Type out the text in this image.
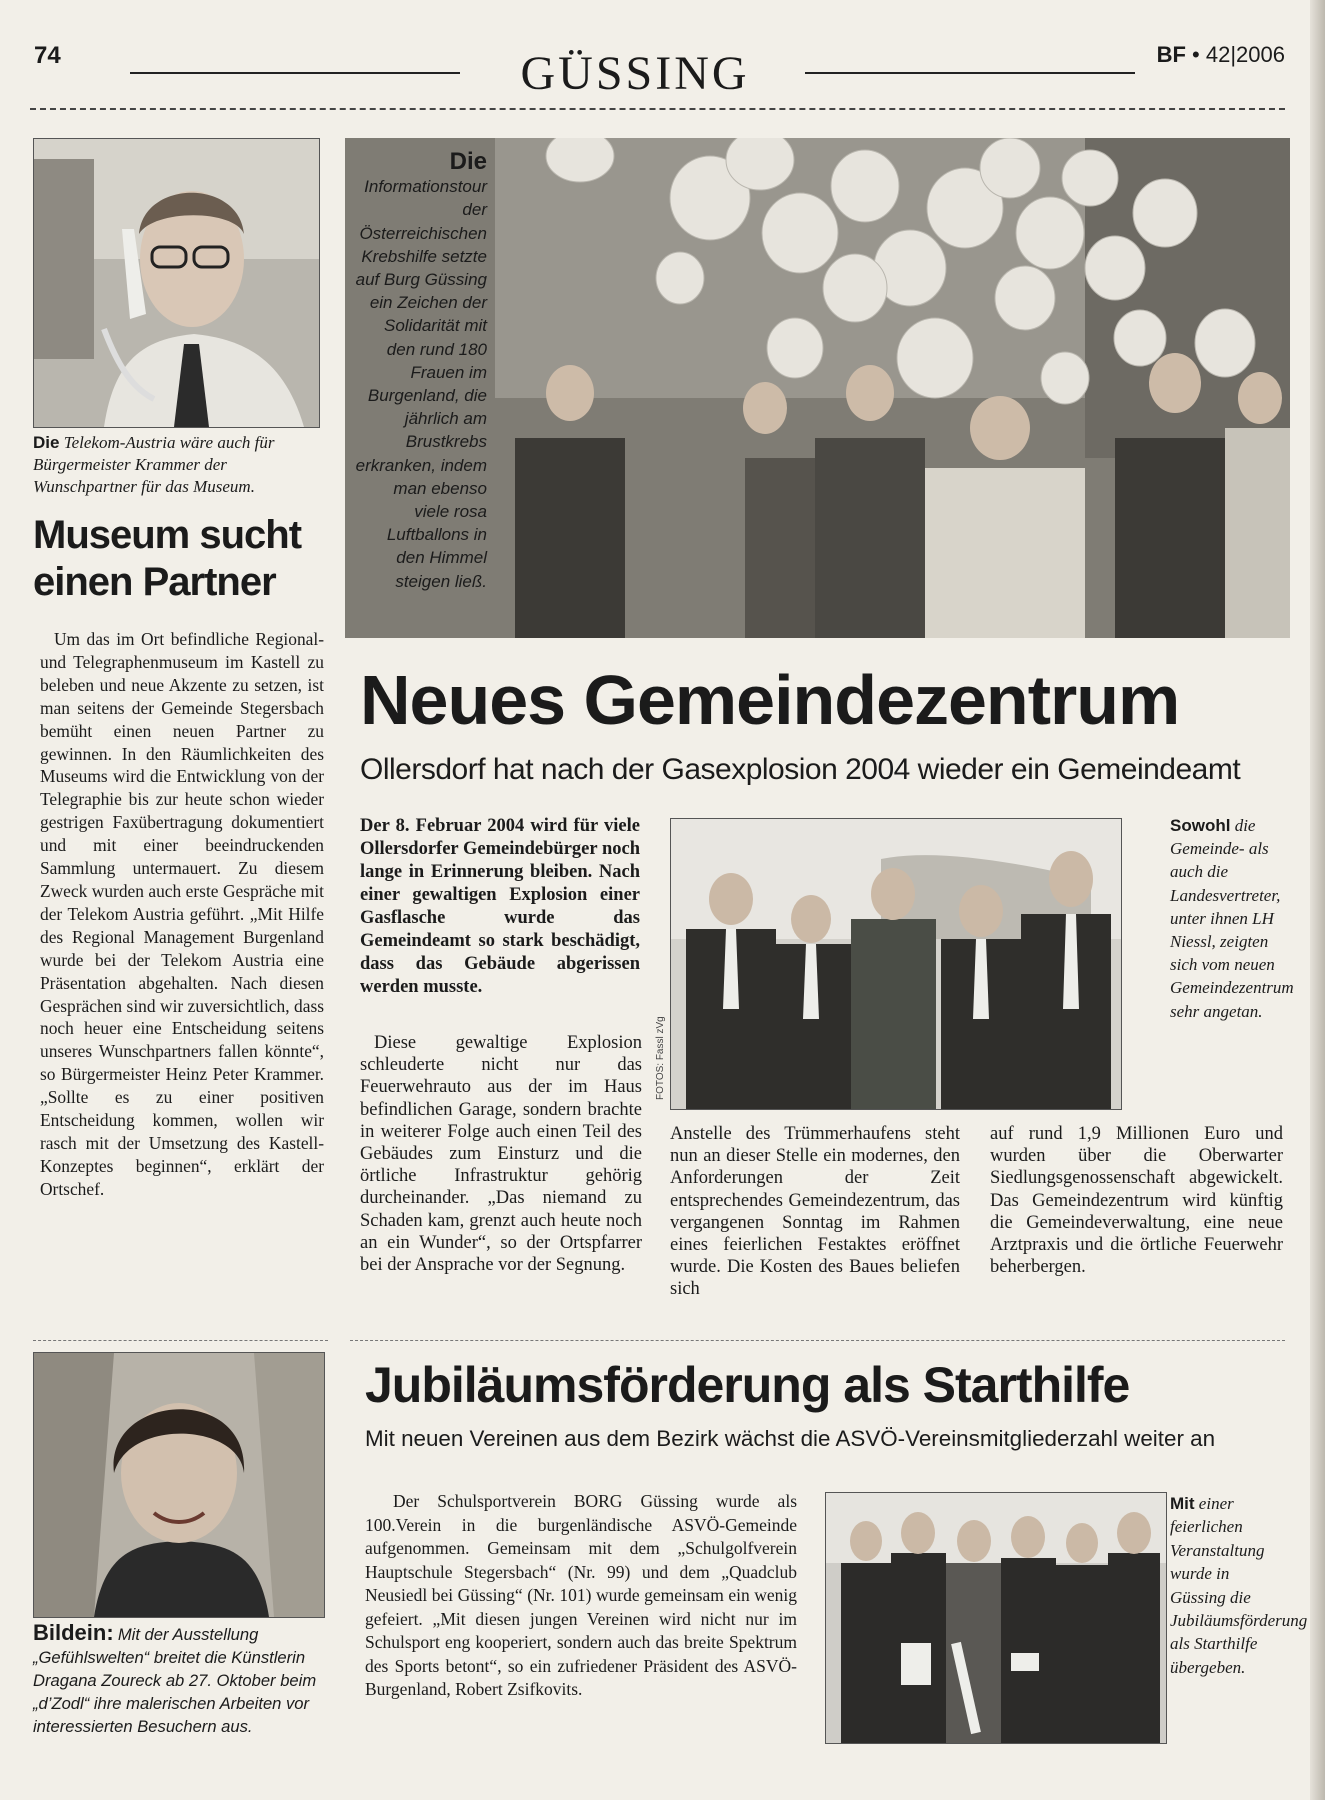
74	GÜSSING	BF • 42|2006
Die Telekom-Austria wäre auch für Bürgermeister Krammer der Wunschpartner für das Museum.
Museum sucht
einen Partner
Um das im Ort befindliche Regional- und Telegraphenmuseum im Kastell zu beleben und neue Akzente zu setzen, ist man seitens der Gemeinde Stegersbach bemüht einen neuen Partner zu gewinnen. In den Räumlichkeiten des Museums wird die Entwicklung von der Telegraphie bis zur heute schon wieder gestrigen Faxübertragung dokumentiert und mit einer beeindruckenden Sammlung untermauert. Zu diesem Zweck wurden auch erste Gespräche mit der Telekom Austria geführt. „Mit Hilfe des Regional Management Burgenland wurde bei der Telekom Austria eine Präsentation abgehalten. Nach diesen Gesprächen sind wir zuversichtlich, dass noch heuer eine Entscheidung seitens unseres Wunschpartners fallen könnte“, so Bürgermeister Heinz Peter Krammer. „Sollte es zu einer positiven Entscheidung kommen, wollen wir rasch mit der Umsetzung des Kastell-Konzeptes beginnen“, erklärt der Ortschef.
Bildein: Mit der Ausstellung „Gefühlswelten“ breitet die Künstlerin Dragana Zoureck ab 27. Oktober beim „d’Zodl“ ihre malerischen Arbeiten vor interessierten Besuchern aus.
Die Informationstour der Österreichischen Krebshilfe setzte auf Burg Güssing ein Zeichen der Solidarität mit den rund 180 Frauen im Burgenland, die jährlich am Brustkrebs erkranken, indem man ebenso viele rosa Luftballons in den Himmel steigen ließ.
Neues Gemeindezentrum
Ollersdorf hat nach der Gasexplosion 2004 wieder ein Gemeindeamt
Der 8. Februar 2004 wird für viele Ollersdorfer Gemeindebürger noch lange in Erinnerung bleiben. Nach einer gewaltigen Explosion einer Gasflasche wurde das Gemeindeamt so stark beschädigt, dass das Gebäude abgerissen werden musste.
FOTOS: Fassl zVg
Sowohl die Gemeinde- als auch die Landesvertreter, unter ihnen LH Niessl, zeigten sich vom neuen Gemeindezentrum sehr angetan.
Diese gewaltige Explosion schleuderte nicht nur das Feuerwehrauto aus der im Haus befindlichen Garage, sondern brachte in weiterer Folge auch einen Teil des Gebäudes zum Einsturz und die örtliche Infrastruktur gehörig durcheinander. „Das niemand zu Schaden kam, grenzt auch heute noch an ein Wunder“, so der Ortspfarrer bei der Ansprache vor der Segnung.
Anstelle des Trümmerhaufens steht nun an dieser Stelle ein modernes, den Anforderungen der Zeit entsprechendes Gemeindezentrum, das vergangenen Sonntag im Rahmen eines feierlichen Festaktes eröffnet wurde. Die Kosten des Baues beliefen sich
auf rund 1,9 Millionen Euro und wurden über die Oberwarter Siedlungsgenossenschaft abgewickelt. Das Gemeindezentrum wird künftig die Gemeindeverwaltung, eine neue Arztpraxis und die örtliche Feuerwehr beherbergen.
Jubiläumsförderung als Starthilfe
Mit neuen Vereinen aus dem Bezirk wächst die ASVÖ-Vereinsmitgliederzahl weiter an
Der Schulsportverein BORG Güssing wurde als 100.Verein in die burgenländische ASVÖ-Gemeinde aufgenommen. Gemeinsam mit dem „Schulgolfverein Hauptschule Stegersbach“ (Nr. 99) und dem „Quadclub Neusiedl bei Güssing“ (Nr. 101) wurde gemeinsam ein wenig gefeiert. „Mit diesen jungen Vereinen wird nicht nur im Schulsport eng kooperiert, sondern auch das breite Spektrum des Sports betont“, so ein zufriedener Präsident des ASVÖ-Burgenland, Robert Zsifkovits.
Mit einer feierlichen Veranstaltung wurde in Güssing die Jubiläumsförderung als Starthilfe übergeben.
